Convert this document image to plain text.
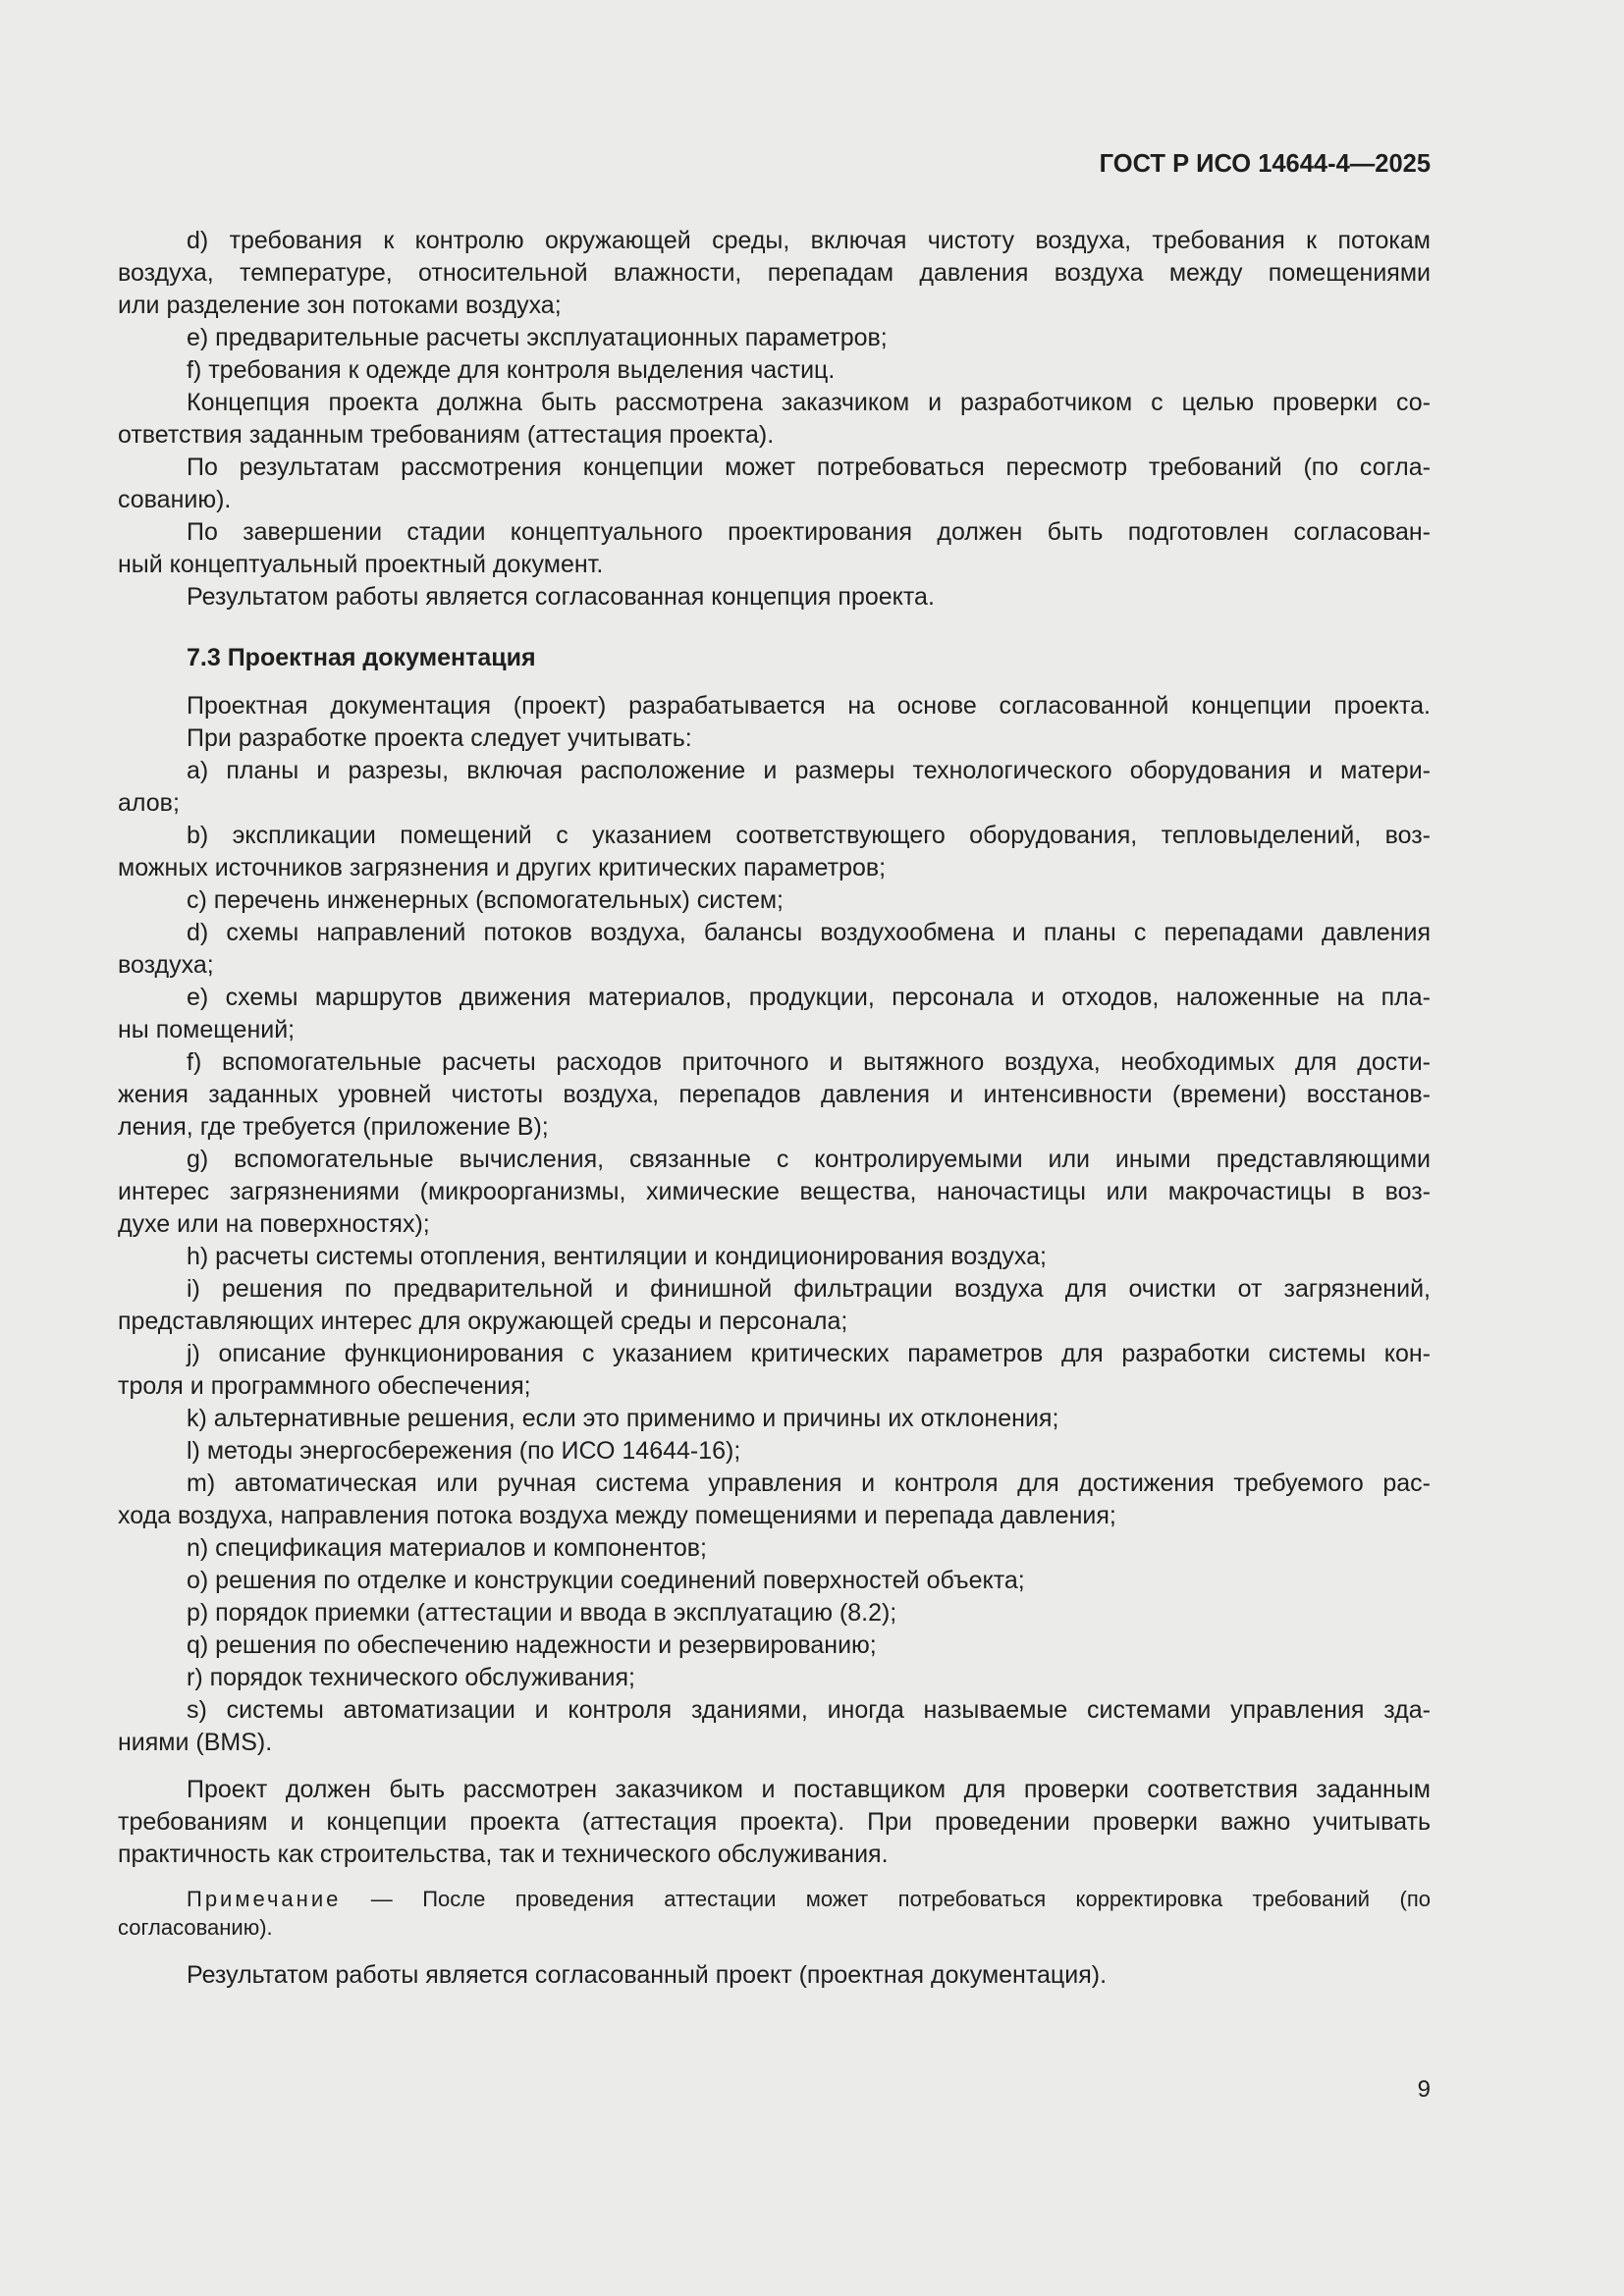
ГОСТ Р ИСО 14644-4—2025
d) требования к контролю окружающей среды, включая чистоту воздуха, требования к потокам
воздуха, температуре, относительной влажности, перепадам давления воздуха между помещениями
или разделение зон потоками воздуха;
е) предварительные расчеты эксплуатационных параметров;
f) требования к одежде для контроля выделения частиц.
Концепция проекта должна быть рассмотрена заказчиком и разработчиком с целью проверки со-
ответствия заданным требованиям (аттестация проекта).
По результатам рассмотрения концепции может потребоваться пересмотр требований (по согла-
сованию).
По завершении стадии концептуального проектирования должен быть подготовлен согласован-
ный концептуальный проектный документ.
Результатом работы является согласованная концепция проекта.
7.3 Проектная документация
Проектная документация (проект) разрабатывается на основе согласованной концепции проекта.
При разработке проекта следует учитывать:
а) планы и разрезы, включая расположение и размеры технологического оборудования и матери-
алов;
b) экспликации помещений с указанием соответствующего оборудования, тепловыделений, воз-
можных источников загрязнения и других критических параметров;
с) перечень инженерных (вспомогательных) систем;
d) схемы направлений потоков воздуха, балансы воздухообмена и планы с перепадами давления
воздуха;
е) схемы маршрутов движения материалов, продукции, персонала и отходов, наложенные на пла-
ны помещений;
f) вспомогательные расчеты расходов приточного и вытяжного воздуха, необходимых для дости-
жения заданных уровней чистоты воздуха, перепадов давления и интенсивности (времени) восстанов-
ления, где требуется (приложение В);
g) вспомогательные вычисления, связанные с контролируемыми или иными представляющими
интерес загрязнениями (микроорганизмы, химические вещества, наночастицы или макрочастицы в воз-
духе или на поверхностях);
h) расчеты системы отопления, вентиляции и кондиционирования воздуха;
i) решения по предварительной и финишной фильтрации воздуха для очистки от загрязнений,
представляющих интерес для окружающей среды и персонала;
j) описание функционирования с указанием критических параметров для разработки системы кон-
троля и программного обеспечения;
k) альтернативные решения, если это применимо и причины их отклонения;
l) методы энергосбережения (по ИСО 14644-16);
m) автоматическая или ручная система управления и контроля для достижения требуемого рас-
хода воздуха, направления потока воздуха между помещениями и перепада давления;
n) спецификация материалов и компонентов;
о) решения по отделке и конструкции соединений поверхностей объекта;
р) порядок приемки (аттестации и ввода в эксплуатацию (8.2);
q) решения по обеспечению надежности и резервированию;
r) порядок технического обслуживания;
s) системы автоматизации и контроля зданиями, иногда называемые системами управления зда-
ниями (BMS).
Проект должен быть рассмотрен заказчиком и поставщиком для проверки соответствия заданным
требованиям и концепции проекта (аттестация проекта). При проведении проверки важно учитывать
практичность как строительства, так и технического обслуживания.
Примечание — После проведения аттестации может потребоваться корректировка требований (по
согласованию).
Результатом работы является согласованный проект (проектная документация).
9
